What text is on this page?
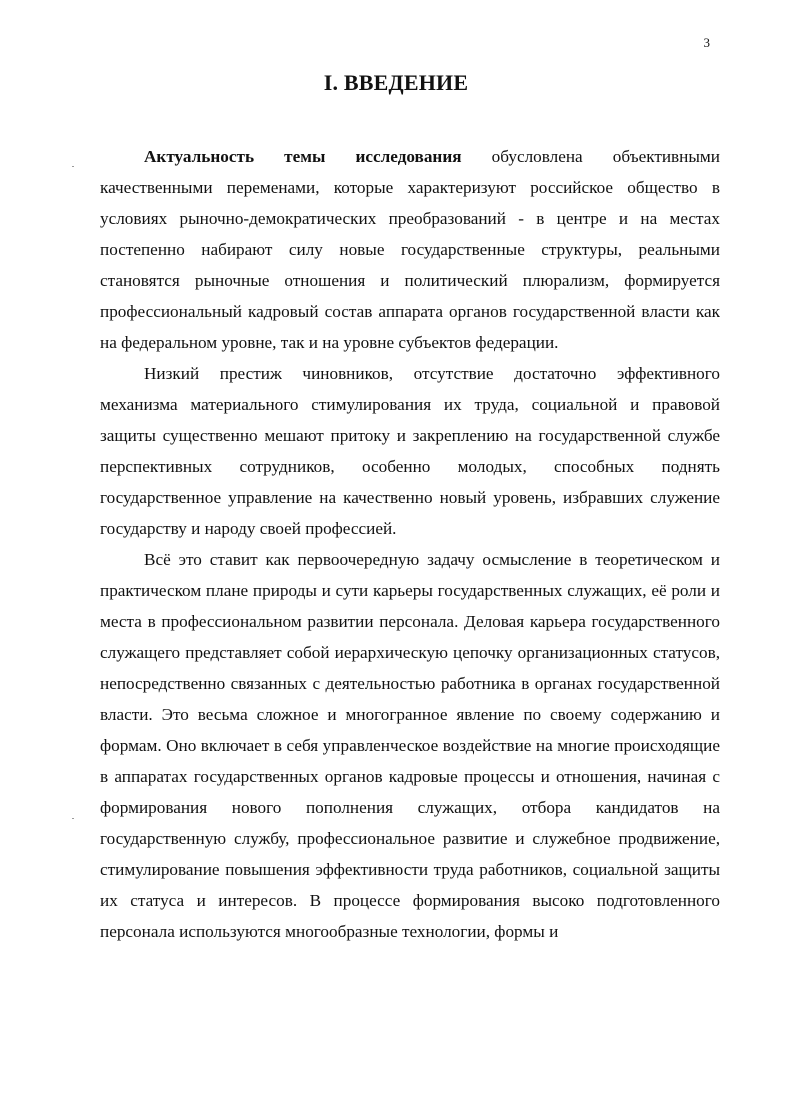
3
I. ВВЕДЕНИЕ

Актуальность темы исследования обусловлена объективными качественными переменами, которые характеризуют российское общество в условиях рыночно-демократических преобразований - в центре и на местах постепенно набирают силу новые государственные структуры, реальными становятся рыночные отношения и политический плюрализм, формируется профессиональный кадровый состав аппарата органов государственной власти как на федеральном уровне, так и на уровне субъектов федерации.

Низкий престиж чиновников, отсутствие достаточно эффективного механизма материального стимулирования их труда, социальной и правовой защиты существенно мешают притоку и закреплению на государственной службе перспективных сотрудников, особенно молодых, способных поднять государственное управление на качественно новый уровень, избравших служение государству и народу своей профессией.

Всё это ставит как первоочередную задачу осмысление в теоретическом и практическом плане природы и сути карьеры государственных служащих, её роли и места в профессиональном развитии персонала. Деловая карьера государственного служащего представляет собой иерархическую цепочку организационных статусов, непосредственно связанных с деятельностью работника в органах государственной власти. Это весьма сложное и многогранное явление по своему содержанию и формам. Оно включает в себя управленческое воздействие на многие происходящие в аппаратах государственных органов кадровые процессы и отношения, начиная с формирования нового пополнения служащих, отбора кандидатов на государственную службу, профессиональное развитие и служебное продвижение, стимулирование повышения эффективности труда работников, социальной защиты их статуса и интересов. В процессе формирования высоко подготовленного персонала используются многообразные технологии, формы и
